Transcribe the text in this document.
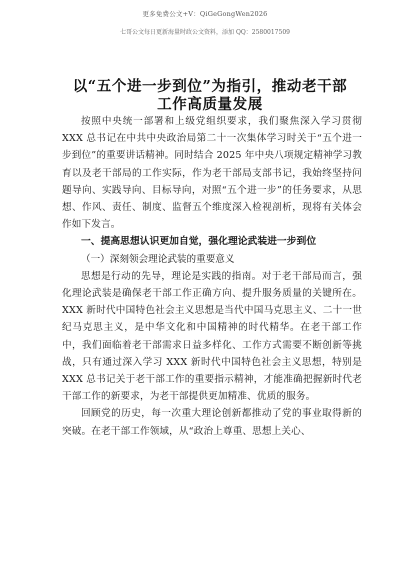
更多免费公文+V：QiGeGongWen2026
七哥公文每日更新海量时政公文资料，添加 QQ：2580017509
以“五个进一步到位”为指引，推动老干部工作高质量发展

按照中央统一部署和上级党组织要求，我们聚焦深入学习贯彻 XXX 总书记在中共中央政治局第二十一次集体学习时关于“五个进一步到位”的重要讲话精神。同时结合 2025 年中央八项规定精神学习教育以及老干部局的工作实际，作为老干部局支部书记，我始终坚持问题导向、实践导向、目标导向，对照“五个进一步”的任务要求，从思想、作风、责任、制度、监督五个维度深入检视剖析，现将有关体会作如下发言。

一、提高思想认识更加自觉，强化理论武装进一步到位

（一）深刻领会理论武装的重要意义

思想是行动的先导，理论是实践的指南。对于老干部局而言，强化理论武装是确保老干部工作正确方向、提升服务质量的关键所在。XXX 新时代中国特色社会主义思想是当代中国马克思主义、二十一世纪马克思主义，是中华文化和中国精神的时代精华。在老干部工作中，我们面临着老干部需求日益多样化、工作方式需要不断创新等挑战，只有通过深入学习 XXX 新时代中国特色社会主义思想，特别是 XXX 总书记关于老干部工作的重要指示精神，才能准确把握新时代老干部工作的新要求，为老干部提供更加精准、优质的服务。

回顾党的历史，每一次重大理论创新都推动了党的事业取得新的突破。在老干部工作领域，从“政治上尊重、思想上关心、
